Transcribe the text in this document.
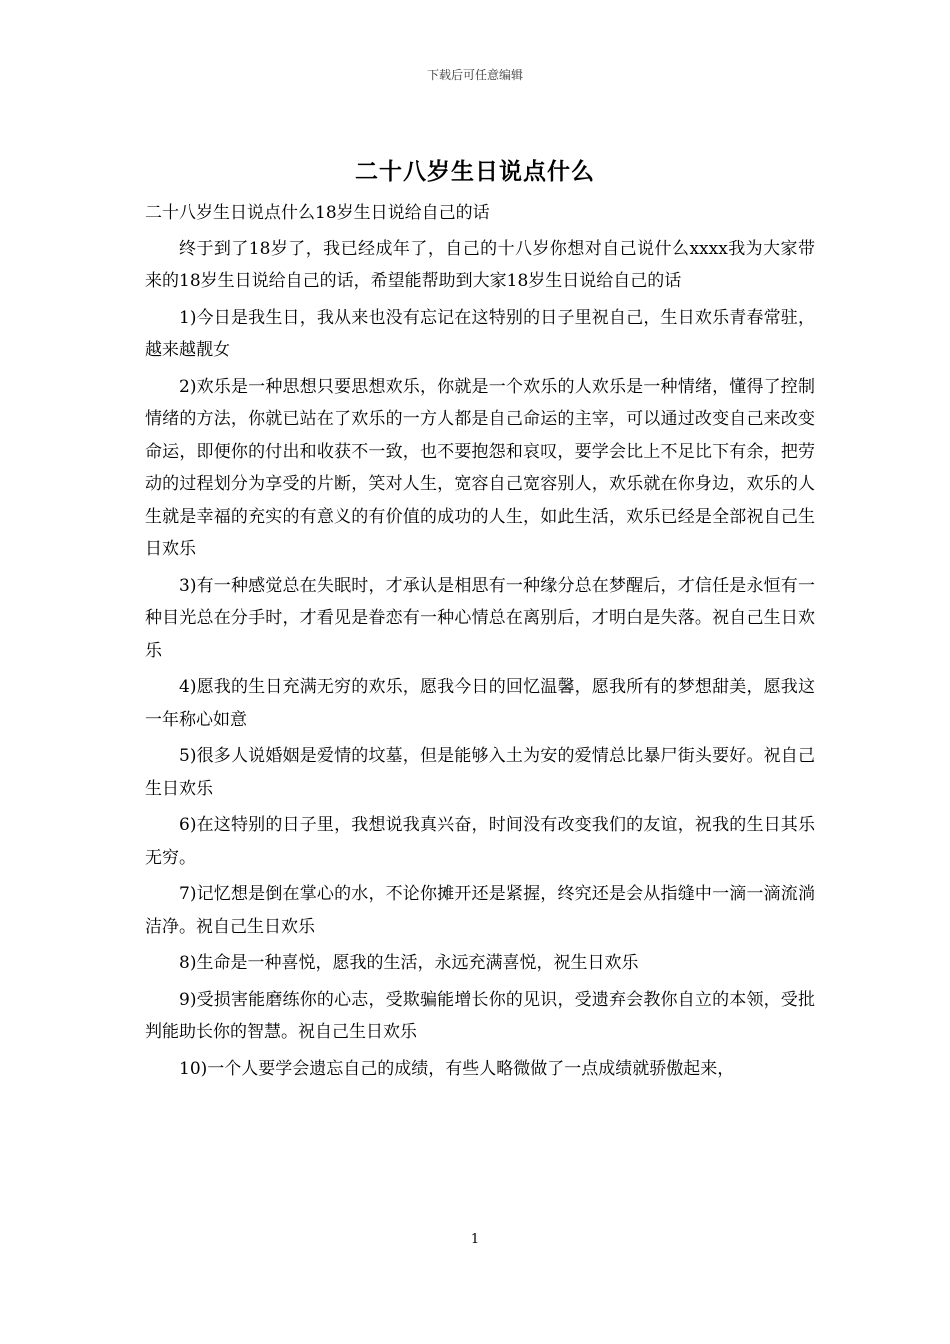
下载后可任意编辑
二十八岁生日说点什么

二十八岁生日说点什么18岁生日说给自己的话

终于到了18岁了，我已经成年了，自己的十八岁你想对自己说什么xxxx我为大家带来的18岁生日说给自己的话，希望能帮助到大家18岁生日说给自己的话

1)今日是我生日，我从来也没有忘记在这特别的日子里祝自己，生日欢乐青春常驻，越来越靓女

2)欢乐是一种思想只要思想欢乐，你就是一个欢乐的人欢乐是一种情绪，懂得了控制情绪的方法，你就已站在了欢乐的一方人都是自己命运的主宰，可以通过改变自己来改变命运，即便你的付出和收获不一致，也不要抱怨和哀叹，要学会比上不足比下有余，把劳动的过程划分为享受的片断，笑对人生，宽容自己宽容别人，欢乐就在你身边，欢乐的人生就是幸福的充实的有意义的有价值的成功的人生，如此生活，欢乐已经是全部祝自己生日欢乐

3)有一种感觉总在失眠时，才承认是相思有一种缘分总在梦醒后，才信任是永恒有一种目光总在分手时，才看见是眷恋有一种心情总在离别后，才明白是失落。祝自己生日欢乐

4)愿我的生日充满无穷的欢乐，愿我今日的回忆温馨，愿我所有的梦想甜美，愿我这一年称心如意

5)很多人说婚姻是爱情的坟墓，但是能够入土为安的爱情总比暴尸街头要好。祝自己生日欢乐

6)在这特别的日子里，我想说我真兴奋，时间没有改变我们的友谊，祝我的生日其乐无穷。

7)记忆想是倒在掌心的水，不论你摊开还是紧握，终究还是会从指缝中一滴一滴流淌洁净。祝自己生日欢乐

8)生命是一种喜悦，愿我的生活，永远充满喜悦，祝生日欢乐

9)受损害能磨练你的心志，受欺骗能增长你的见识，受遗弃会教你自立的本领，受批判能助长你的智慧。祝自己生日欢乐

10)一个人要学会遗忘自己的成绩，有些人略微做了一点成绩就骄傲起来，

1
